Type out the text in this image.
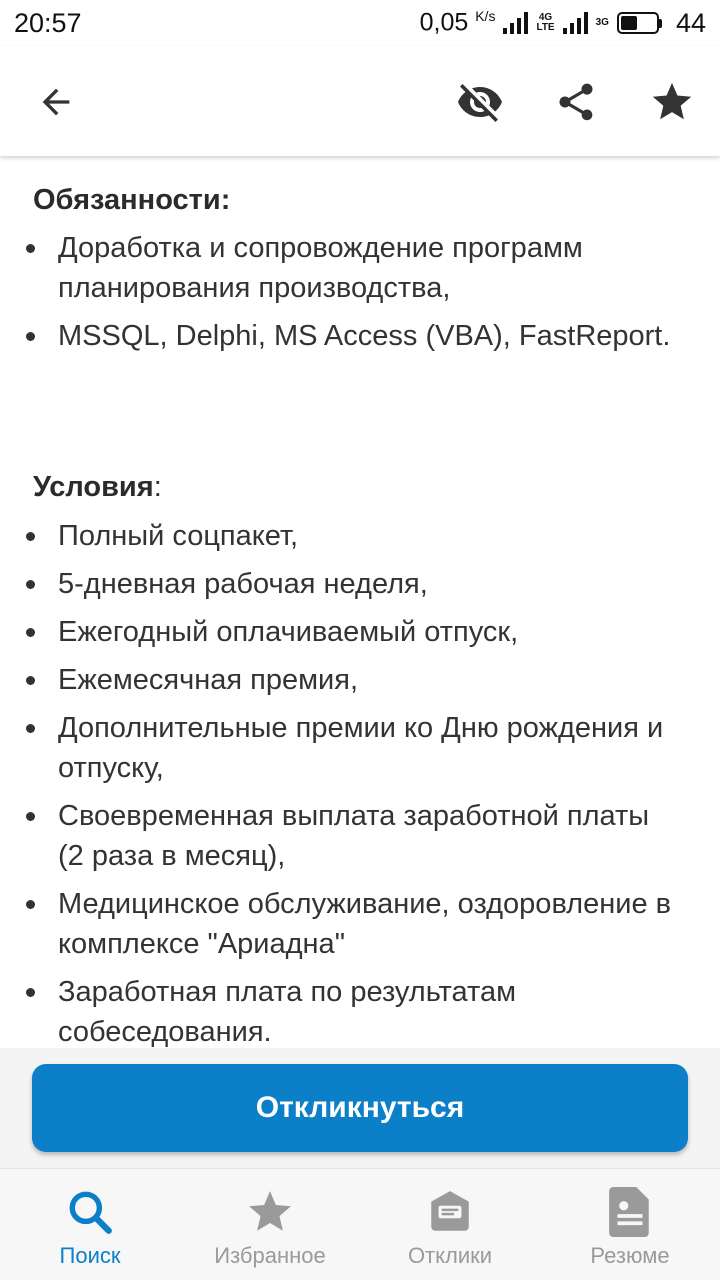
20:57	0,05 $^{K/s}$	4G
LTE	3G 44
Обязанности:
Доработка и сопровождение программ планирования производства,
MSSQL, Delphi, MS Access (VBA), FastReport.
Условия:
Полный соцпакет,
5-дневная рабочая неделя,
Ежегодный оплачиваемый отпуск,
Ежемесячная премия,
Дополнительные премии ко Дню рождения и отпуску,
Своевременная выплата заработной платы (2 раза в месяц),
Медицинское обслуживание, оздоровление в комплексе "Ариадна"
Заработная плата по результатам собеседования.
Откликнуться
Поиск	Избранное	Отклики	Резюме
